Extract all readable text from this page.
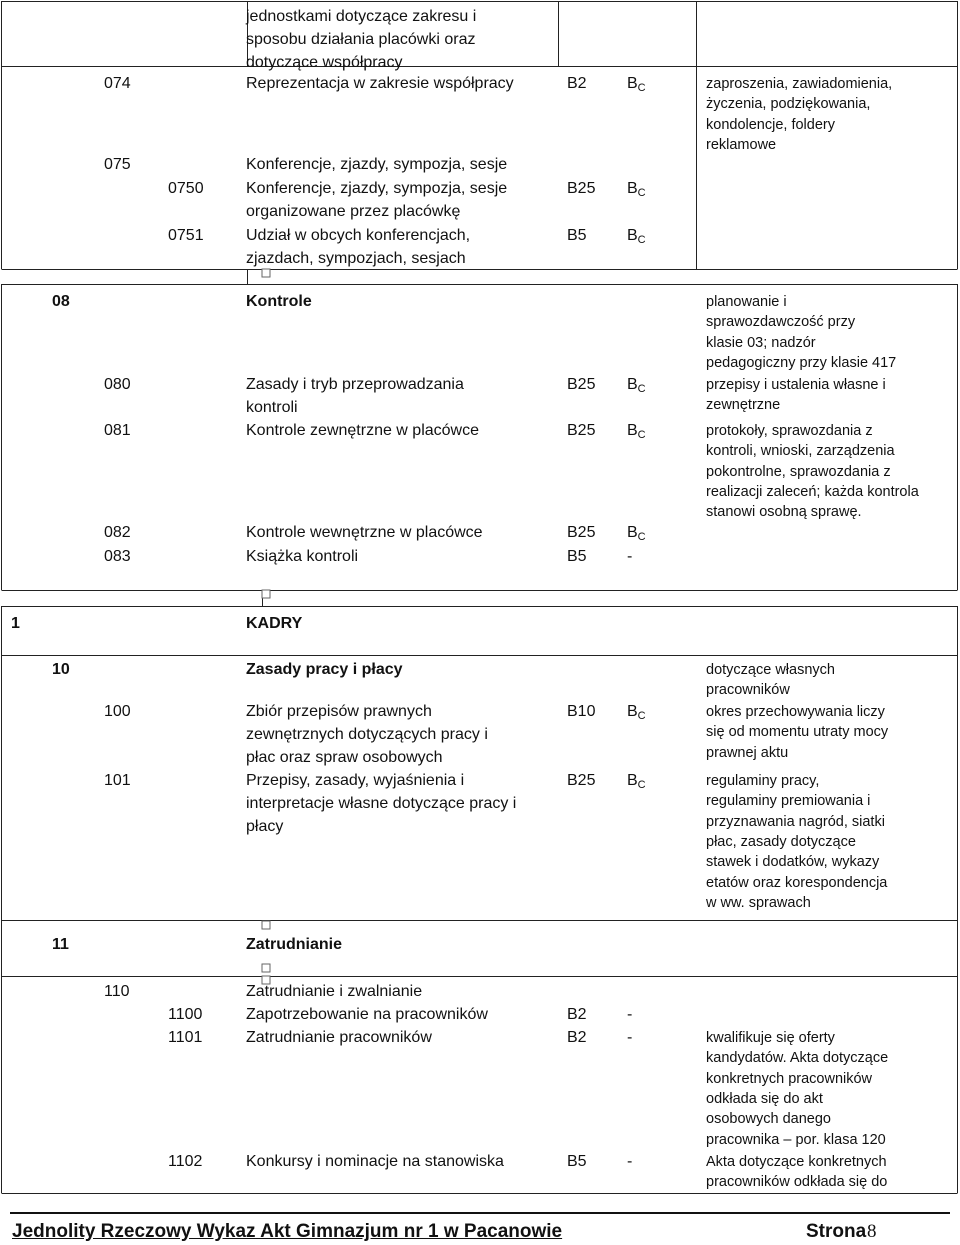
jednostkami dotyczące zakresu i
sposobu działania placówki oraz
dotyczące współpracy
074	Reprezentacja w zakresie współpracy	B2	$B_C$	zaproszenia, zawiadomienia,
życzenia, podziękowania,
kondolencje, foldery
reklamowe
075	Konferencje, zjazdy, sympozja, sesje
0750	Konferencje, zjazdy, sympozja, sesje
organizowane przez placówkę
B25 $B_C$
0751	Udział w obcych konferencjach,
zjazdach, sympozjach, sesjach
B5	$B_C$
08	Kontrole	planowanie i
sprawozdawczość przy
klasie 03; nadzór
pedagogiczny przy klasie 417
080	Zasady i tryb przeprowadzania
kontroli
B25 $B_C$	przepisy i ustalenia własne i
zewnętrzne
081	Kontrole zewnętrzne w placówce	B25 $B_C$	protokoły, sprawozdania z
kontroli, wnioski, zarządzenia
pokontrolne, sprawozdania z
realizacji zaleceń; każda kontrola
stanowi osobną sprawę.
082	Kontrole wewnętrzne w placówce	B25 $B_C$
083	Książka kontroli	B5	-
1	KADRY
10	Zasady pracy i płacy	dotyczące własnych
pracowników
100	Zbiór przepisów prawnych
zewnętrznych dotyczących pracy i
płac oraz spraw osobowych
B10 $B_C$	okres przechowywania liczy
się od momentu utraty mocy
prawnej aktu
101	Przepisy, zasady, wyjaśnienia i
interpretacje własne dotyczące pracy i
płacy
B25 $B_C$	regulaminy pracy,
regulaminy premiowania i
przyznawania nagród, siatki
płac, zasady dotyczące
stawek i dodatków, wykazy
etatów oraz korespondencja
w ww. sprawach
11	Zatrudnianie
110	Zatrudnianie i zwalnianie
1100	Zapotrzebowanie na pracowników	B2	-
1101	Zatrudnianie pracowników	B2	-	kwalifikuje się oferty
kandydatów. Akta dotyczące
konkretnych pracowników
odkłada się do akt
osobowych danego
pracownika – por. klasa 120
1102	Konkursy i nominacje na stanowiska	B5	-	Akta dotyczące konkretnych
pracowników odkłada się do
Jednolity Rzeczowy Wykaz Akt Gimnazjum nr 1 w Pacanowie	Strona 8
